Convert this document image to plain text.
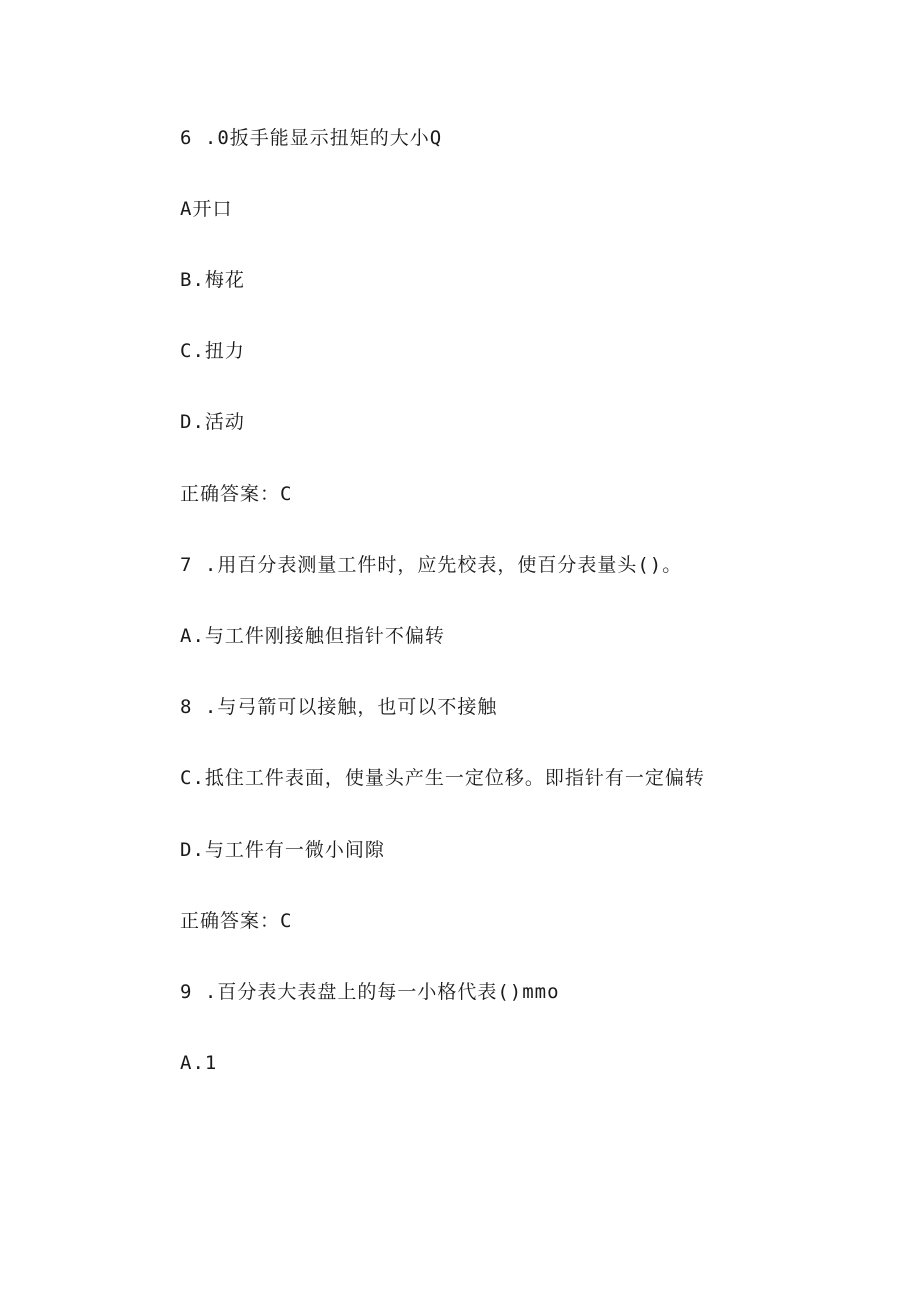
6 .0扳手能显示扭矩的大小Q

A开口

B.梅花

C.扭力

D.活动

正确答案：C

7 .用百分表测量工件时，应先校表，使百分表量头()。

A.与工件刚接触但指针不偏转

8 .与弓箭可以接触，也可以不接触

C.抵住工件表面，使量头产生一定位移。即指针有一定偏转

D.与工件有一微小间隙

正确答案：C

9 .百分表大表盘上的每一小格代表()mmo

A.1
